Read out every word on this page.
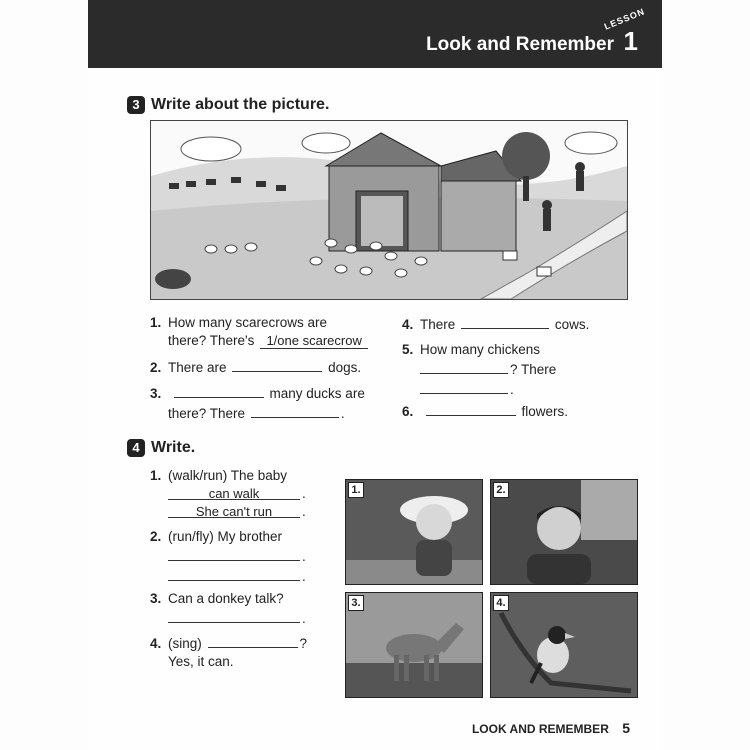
Look and Remember
LESSON
1
3 Write about the picture.
1. How many scarecrows are
there? There's 1/one scarecrow
2. There are	dogs.
3.	many ducks are
there? There	.
4. There	cows.
5. How many chickens
? There
.
6.	flowers.
4 Write.
1. (walk/run) The baby
can walk	.
She can't run .
2. (run/fly) My brother
.
.
3. Can a donkey talk?
.
4. (sing)	?
Yes, it can.
1.	2.
3.	4.
LOOK AND REMEMBER 5
